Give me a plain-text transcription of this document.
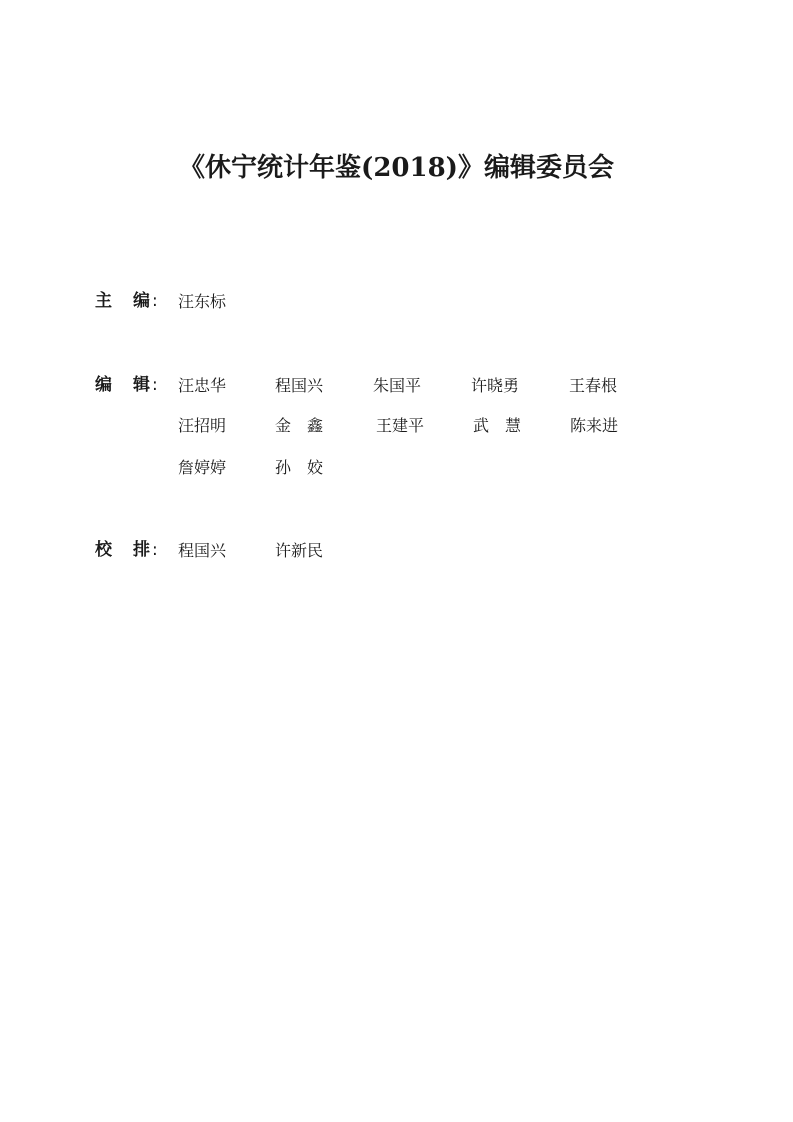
《休宁统计年鉴(2018)》编辑委员会
主 编 : 汪东标
编 辑 : 汪忠华	程国兴	朱国平	许晓勇	王春根
汪招明	金　鑫	王建平	武　慧	陈来进
詹婷婷	孙　姣
校 排 : 程国兴	许新民
